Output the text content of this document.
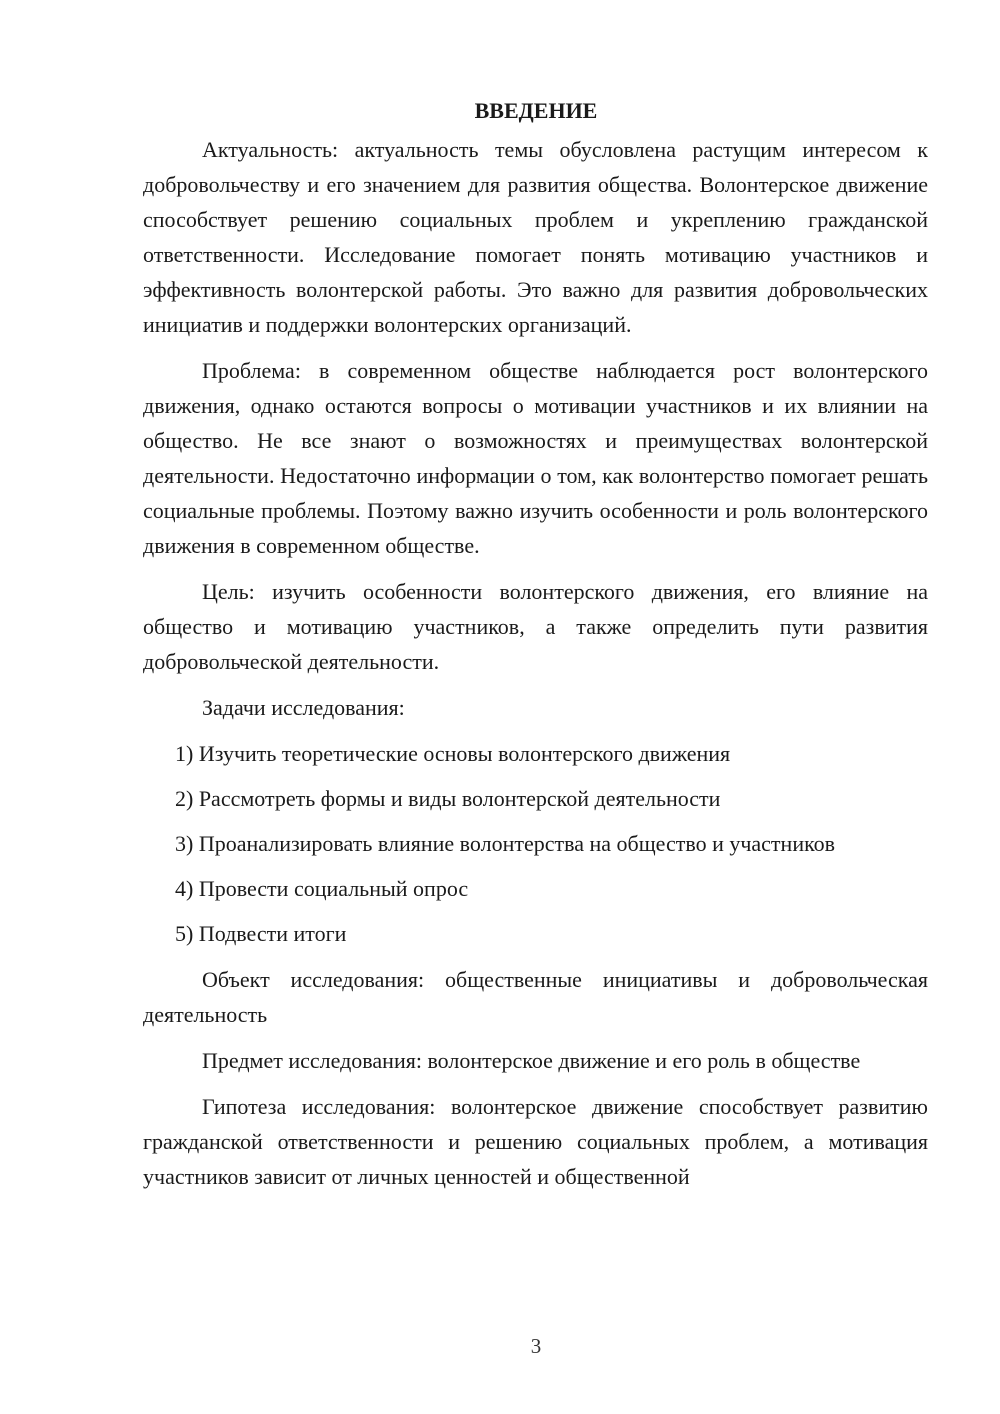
ВВЕДЕНИЕ

Актуальность: актуальность темы обусловлена растущим интересом к добровольчеству и его значением для развития общества. Волонтерское движение способствует решению социальных проблем и укреплению гражданской ответственности. Исследование помогает понять мотивацию участников и эффективность волонтерской работы. Это важно для развития добровольческих инициатив и поддержки волонтерских организаций.

Проблема: в современном обществе наблюдается рост волонтерского движения, однако остаются вопросы о мотивации участников и их влиянии на общество. Не все знают о возможностях и преимуществах волонтерской деятельности. Недостаточно информации о том, как волонтерство помогает решать социальные проблемы. Поэтому важно изучить особенности и роль волонтерского движения в современном обществе.

Цель: изучить особенности волонтерского движения, его влияние на общество и мотивацию участников, а также определить пути развития добровольческой деятельности.

Задачи исследования:

1) Изучить теоретические основы волонтерского движения
2) Рассмотреть формы и виды волонтерской деятельности
3) Проанализировать влияние волонтерства на общество и участников
4) Провести социальный опрос
5) Подвести итоги

Объект исследования: общественные инициативы и добровольческая деятельность

Предмет исследования: волонтерское движение и его роль в обществе

Гипотеза исследования: волонтерское движение способствует развитию гражданской ответственности и решению социальных проблем, а мотивация участников зависит от личных ценностей и общественной

3
